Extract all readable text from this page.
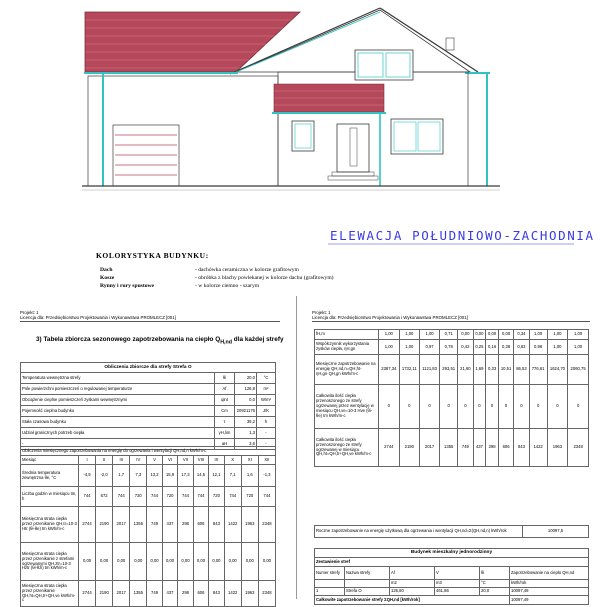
ELEWACJA POŁUDNIOWO-ZACHODNIA
KOLORYSTYKA BUDYNKU:
Dach	- dachówka ceramiczna w kolorze grafitowym
Kosze	- obróbka z blachy powlekanej w kolorze dachu (grafitowym)
Rynny i rury spustowe	- w kolorze ciemno - szarym
Projekt: 1
Licencja dla: Przedsiębiorstwo Projektowania i Wykonawstwa PROMLECZ [001]
3) Tabela zbiorcza sezonowego zapotrzebowania na ciepło $Q_{H,nd}$ dla każdej strefy
Obliczenia zbiorcze dla strefy Strefa O			
Temperatura wewnętrzna strefy	θi	20,0	°C
Pole powierzchni pomieszczeń o regulowanej temperaturze	Af	126,8	m²
Obciążenie cieplne pomieszczeń zyskami wewnętrznymi	qint	0,0	W/m²
Pojemność cieplna budynku	Cm	20921176	J/K
Stała czasowa budynku	τ	39,2	h
Udział granicznych potrzeb ciepła	γH,lim	1,3	-
-	aH	3,6	-
Obliczenia miesięcznego zapotrzebowania na energię do ogrzewania i wentylacji QH,nd,n kWh/m-c												
Miesiąc	I	II	III	IV	V	VI	VII	VIII	IX	X	XI	XII
Średnia temperatura zewnętrzna θe, °C	-4,9	-2,0	1,7	7,3	13,2	15,9	17,3	14,5	12,1	7,1	1,6	-1,3
Liczba godzin w miesiącu tm, h	744	672	744	720	744	720	744	744	720	744	720	744
Miesięczna strata ciepła przez przenikanie QH,tr=10-3 Htr (θi-θe) tm kWh/m-c	2744	2190	2017	1355	749	437	298	606	843	1422	1963	2348
Miesięczna strata ciepła przez przenikanie z strefami ogrzewanymi QH,ztr=10-3 Hztr (θi-θzi) tm kWh/m-c	0,00	0,00	0,00	0,00	0,00	0,00	0,00	0,00	0,00	0,00	0,00	0,00
Miesięczna strata ciepła przez przenikanie QH,ht=QH,tr+QH,ve kWh/m-c	2744	2190	2017	1355	749	437	298	606	843	1422	1963	2348
Projekt: 1
Licencja dla: Przedsiębiorstwo Projektowania i Wykonawstwa PROMLECZ [001]
fH,m	1,00	1,00	1,00	0,71	0,00	0,00	0,00	0,00	0,34	1,00	1,00	1,00
Współczynnik wykorzystania zysków ciepła, ηH,gn	1,00	1,00	0,97	0,78	0,42	0,25	0,16	0,36	0,63	0,96	1,00	1,00
Miesięczne zapotrzebowanie na energię QH,nd,n=QH,ht-ηH,gn·QH,gn kWh/m-c	2367,34	1732,11	1121,83	293,51	21,60	1,69	0,33	10,51	86,53	776,61	1624,70	2060,75
Całkowita ilość ciepła przenoszonego ze strefy ogrzewanej przez wentylację w miesiącu QH,ve=10-3 Hve (θi-θe) tm kWh/m-c	0	0	0	0	0	0	0	0	0	0	0	0
Całkowita ilość ciepła przenoszonego ze strefy ogrzewanej w miesiącu QH,ht=QH,tr+QH,ve kWh/m-c	2744	2190	2017	1355	749	437	298	606	843	1422	1963	2348
Roczne zapotrzebowanie na energię użytkową dla ogrzewania i wentylacji QH,nd=Σ(QH,nd,n) kWh/rok	10097,5
Budynek mieszkalny jednorodzinny					
Zestawienie stref					
Numer strefy	Nazwa strefy	Af	V	θi	Zapotrzebowanie na ciepło QH,nd
		m2	m3	°C	kWh/rok
1	Strefa O	126,80	461,86	20,0	10097,49
Całkowite zapotrzebowanie strefy ΣQH,nd [kWh/rok]					10097,49
